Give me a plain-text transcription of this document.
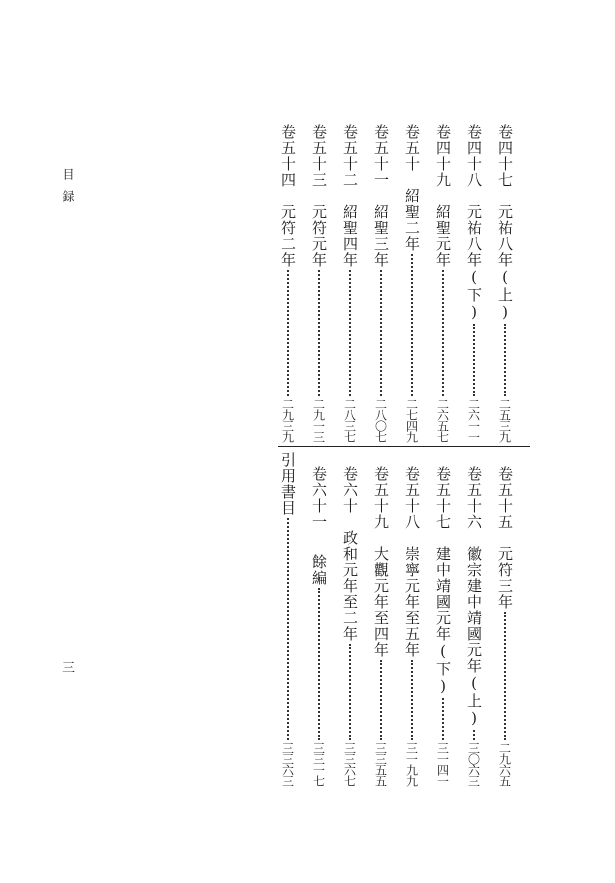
目録
三
卷四十七
元祐八年(上)
二五三九
卷四十八
元祐八年(下)
二六一一
卷四十九
紹聖元年
二六五七
卷五十
紹聖二年
二七四九
卷五十一
紹聖三年
二八〇七
卷五十二
紹聖四年
二八三七
卷五十三
元符元年
二九一三
卷五十四
元符二年
二九三九
卷五十五
元符三年
二九六五
卷五十六
徽宗建中靖國元年(上)
三〇六三
卷五十七
建中靖國元年(下)
三一四一
卷五十八
崇寧元年至五年
三一九九
卷五十九
大觀元年至四年
三三五五
卷六十
政和元年至二年
三三六七
卷六十一
餘編
三三一七
引用書目
三三六三
